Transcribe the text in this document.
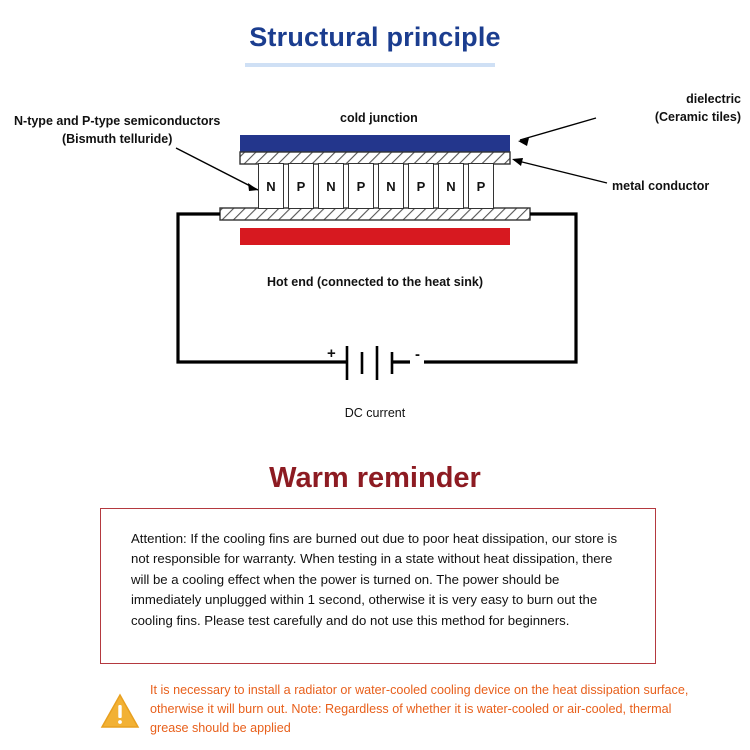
Structural principle
N	P	N	P	N	P	N	P
N-type and P-type semiconductors
(Bismuth telluride)
cold junction
dielectric
(Ceramic tiles)
metal conductor
Hot end (connected to the heat sink)
+	-
DC current
Warm reminder
Attention: If the cooling fins are burned out due to poor heat dissipation, our store is not responsible for warranty. When testing in a state without heat dissipation, there will be a cooling effect when the power is turned on. The power should be immediately unplugged within 1 second, otherwise it is very easy to burn out the cooling fins. Please test carefully and do not use this method for beginners.
It is necessary to install a radiator or water-cooled cooling device on the heat dissipation surface, otherwise it will burn out. Note: Regardless of whether it is water-cooled or air-cooled, thermal grease should be applied
